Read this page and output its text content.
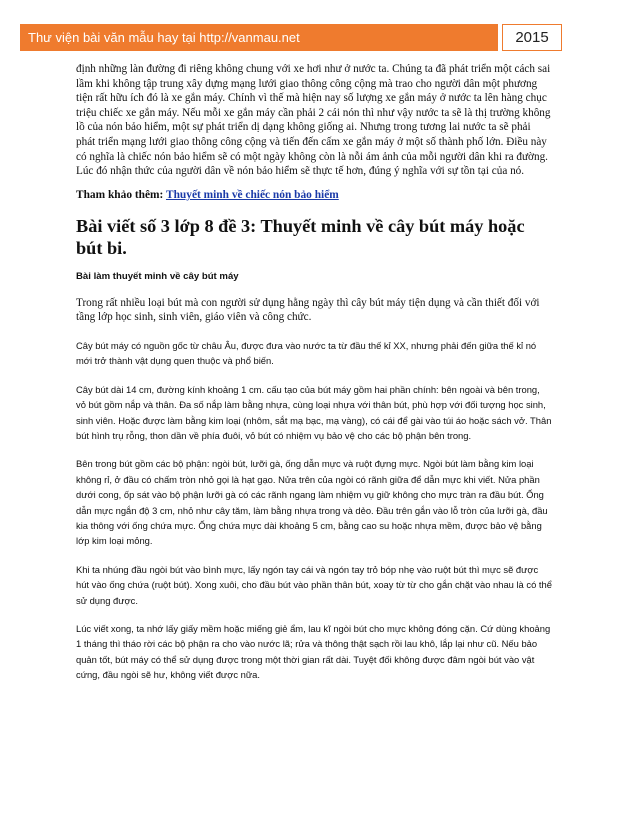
Thư viện bài văn mẫu hay tại http://vanmau.net	2015

định những làn đường đi riêng không chung với xe hơi như ở nước ta. Chúng ta đã phát triển một cách sai lầm khi không tập trung xây dựng mạng lưới giao thông công cộng mà trao cho người dân một phương tiện rất hữu ích đó là xe gắn máy. Chính vì thế mà hiện nay số lượng xe gắn máy ở nước ta lên hàng chục triệu chiếc xe gắn máy. Nếu mỗi xe gắn máy cần phải 2 cái nón thì như vậy nước ta sẽ là thị trường không lồ của nón bảo hiểm, một sự phát triển dị dạng không giống ai. Nhưng trong tương lai nước ta sẽ phải phát triển mạng lưới giao thông công cộng và tiến đến cấm xe gắn máy ở một số thành phố lớn. Điều này có nghĩa là chiếc nón bảo hiểm sẽ có một ngày không còn là nỗi ám ảnh của mỗi người dân khi ra đường. Lúc đó nhận thức của người dân về nón bảo hiểm sẽ thực tế hơn, đúng ý nghĩa với sự tồn tại của nó.

Tham khảo thêm: Thuyết minh về chiếc nón bảo hiểm

Bài viết số 3 lớp 8 đề 3: Thuyết minh về cây bút máy hoặc bút bi.

Bài làm thuyết minh về cây bút máy

Trong rất nhiều loại bút mà con người sử dụng hằng ngày thì cây bút máy tiện dụng và cần thiết đối với tầng lớp học sinh, sinh viên, giáo viên và công chức.

Cây bút máy có nguồn gốc từ châu Âu, được đưa vào nước ta từ đầu thế kỉ XX, nhưng phải đến giữa thế kỉ nó mới trở thành vật dụng quen thuộc và phổ biến.

Cây bút dài 14 cm, đường kính khoảng 1 cm. cấu tạo của bút máy gồm hai phần chính: bên ngoài và bên trong, vỏ bút gồm nắp và thân. Đa số nắp làm bằng nhựa, cùng loại nhựa với thân bút, phù hợp với đối tượng học sinh, sinh viên. Hoặc được làm bằng kim loại (nhôm, sắt mạ bạc, mạ vàng), có cái để gài vào túi áo hoặc sách vở. Thân bút hình trụ rỗng, thon dần về phía đuôi, vỏ bút có nhiệm vụ bảo vệ cho các bộ phận bên trong.

Bên trong bút gồm các bộ phận: ngòi bút, lưỡi gà, ống dẫn mực và ruột đựng mực. Ngòi bút làm bằng kim loại không rỉ, ở đầu có chấm tròn nhỏ gọi là hạt gạo. Nửa trên của ngòi có rãnh giữa để dẫn mực khi viết. Nửa phần dưới cong, ốp sát vào bộ phận lưỡi gà có các rãnh ngang làm nhiệm vụ giữ không cho mực tràn ra đầu bút. Ống dẫn mực ngắn độ 3 cm, nhỏ như cây tăm, làm bằng nhựa trong và dẻo. Đầu trên gắn vào lỗ tròn của lưỡi gà, đầu kia thông với ống chứa mực. Ống chứa mực dài khoảng 5 cm, bằng cao su hoặc nhựa mềm, được bảo vệ bằng lớp kim loại mỏng.

Khi ta nhúng đầu ngòi bút vào bình mực, lấy ngón tay cái và ngón tay trỏ bóp nhẹ vào ruột bút thì mực sẽ được hút vào ống chứa (ruột bút). Xong xuôi, cho đầu bút vào phần thân bút, xoay từ từ cho gắn chặt vào nhau là có thể sử dụng được.

Lúc viết xong, ta nhớ lấy giấy mềm hoặc miếng giẻ ẩm, lau kĩ ngòi bút cho mực không đóng cặn. Cứ dùng khoảng 1 tháng thì tháo rời các bộ phận ra cho vào nước lã; rửa và thông thật sạch rồi lau khô, lắp lại như cũ. Nếu bảo quản tốt, bút máy có thể sử dụng được trong một thời gian rất dài. Tuyệt đối không được đâm ngòi bút vào vật cứng, đầu ngòi sẽ hư, không viết được nữa.
